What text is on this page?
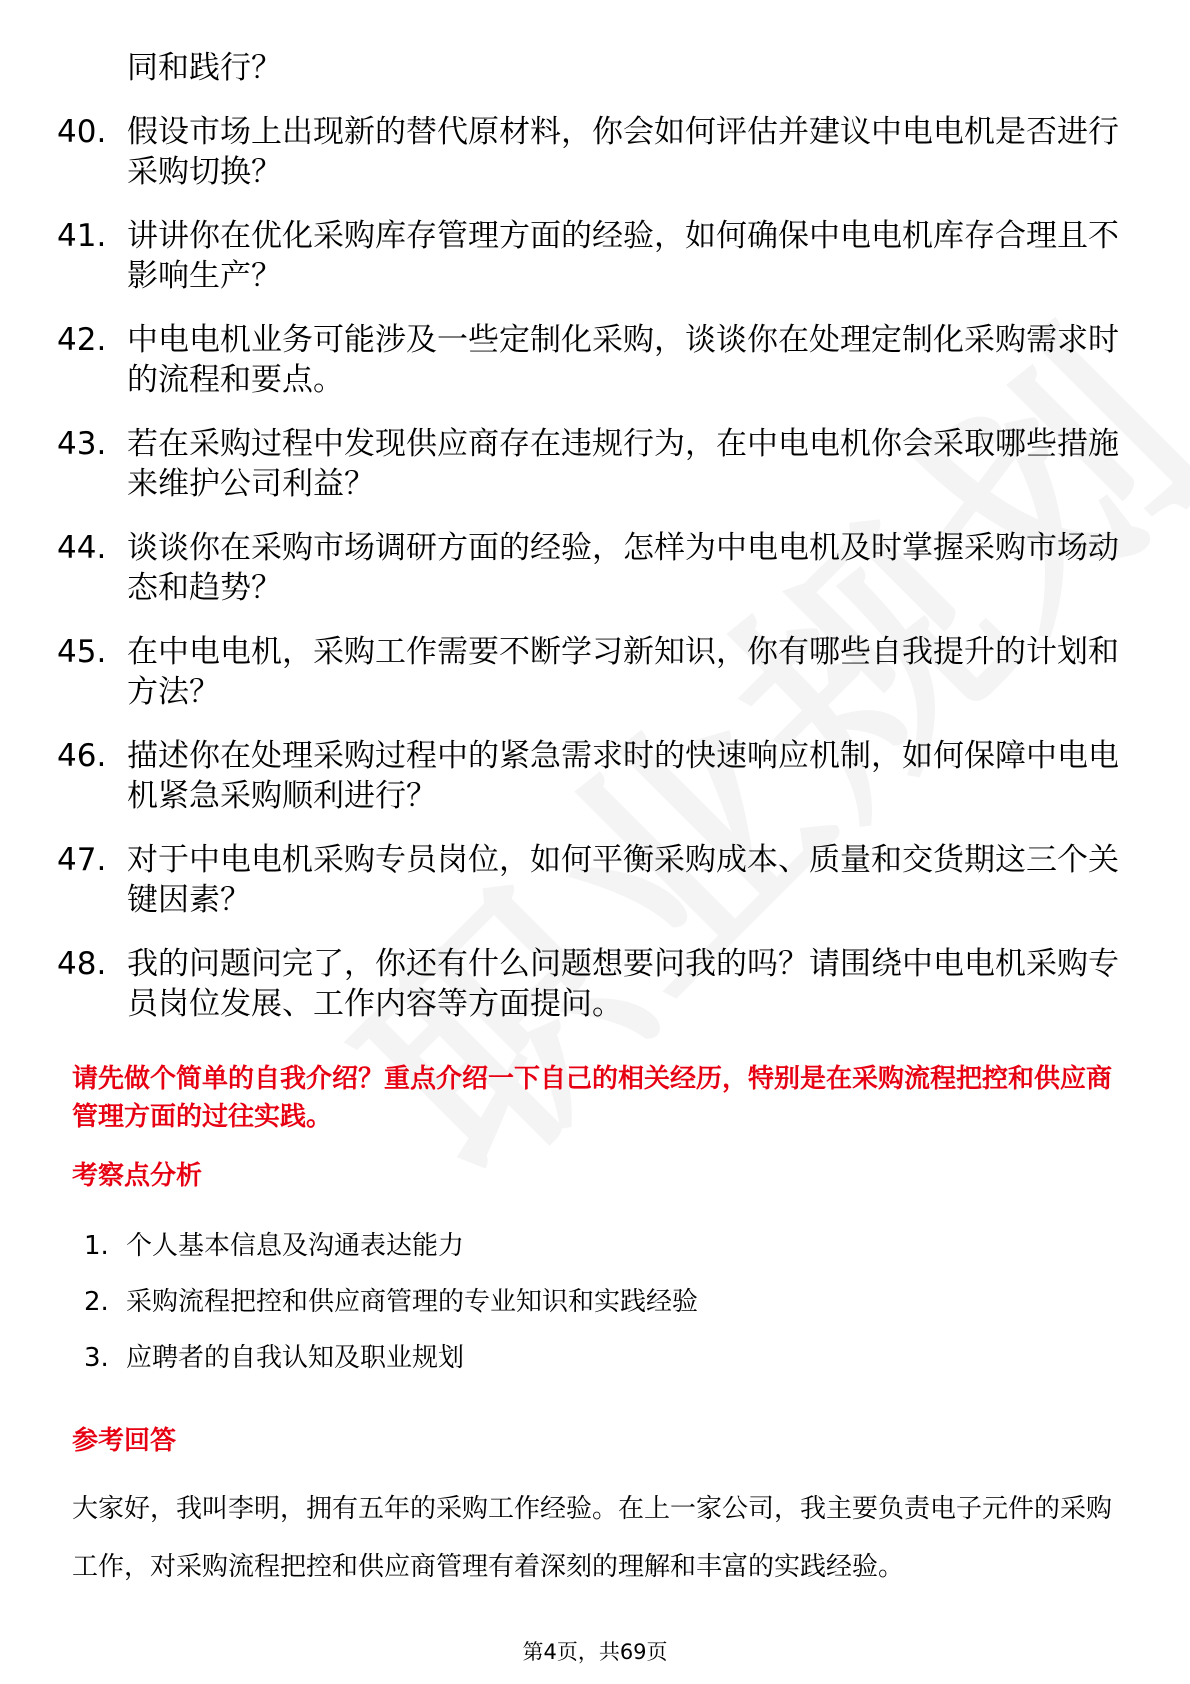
同和践行？

40. 假设市场上出现新的替代原材料，你会如何评估并建议中电电机是否进行采购切换？
41. 讲讲你在优化采购库存管理方面的经验，如何确保中电电机库存合理且不影响生产？
42. 中电电机业务可能涉及一些定制化采购，谈谈你在处理定制化采购需求时的流程和要点。
43. 若在采购过程中发现供应商存在违规行为，在中电电机你会采取哪些措施来维护公司利益？
44. 谈谈你在采购市场调研方面的经验，怎样为中电电机及时掌握采购市场动态和趋势？
45. 在中电电机，采购工作需要不断学习新知识，你有哪些自我提升的计划和方法？
46. 描述你在处理采购过程中的紧急需求时的快速响应机制，如何保障中电电机紧急采购顺利进行？
47. 对于中电电机采购专员岗位，如何平衡采购成本、质量和交货期这三个关键因素？
48. 我的问题问完了，你还有什么问题想要问我的吗？请围绕中电电机采购专员岗位发展、工作内容等方面提问。

请先做个简单的自我介绍？重点介绍一下自己的相关经历，特别是在采购流程把控和供应商管理方面的过往实践。

考察点分析
1. 个人基本信息及沟通表达能力
2. 采购流程把控和供应商管理的专业知识和实践经验
3. 应聘者的自我认知及职业规划
参考回答

大家好，我叫李明，拥有五年的采购工作经验。在上一家公司，我主要负责电子元件的采购工作，对采购流程把控和供应商管理有着深刻的理解和丰富的实践经验。

第4页，共69页
